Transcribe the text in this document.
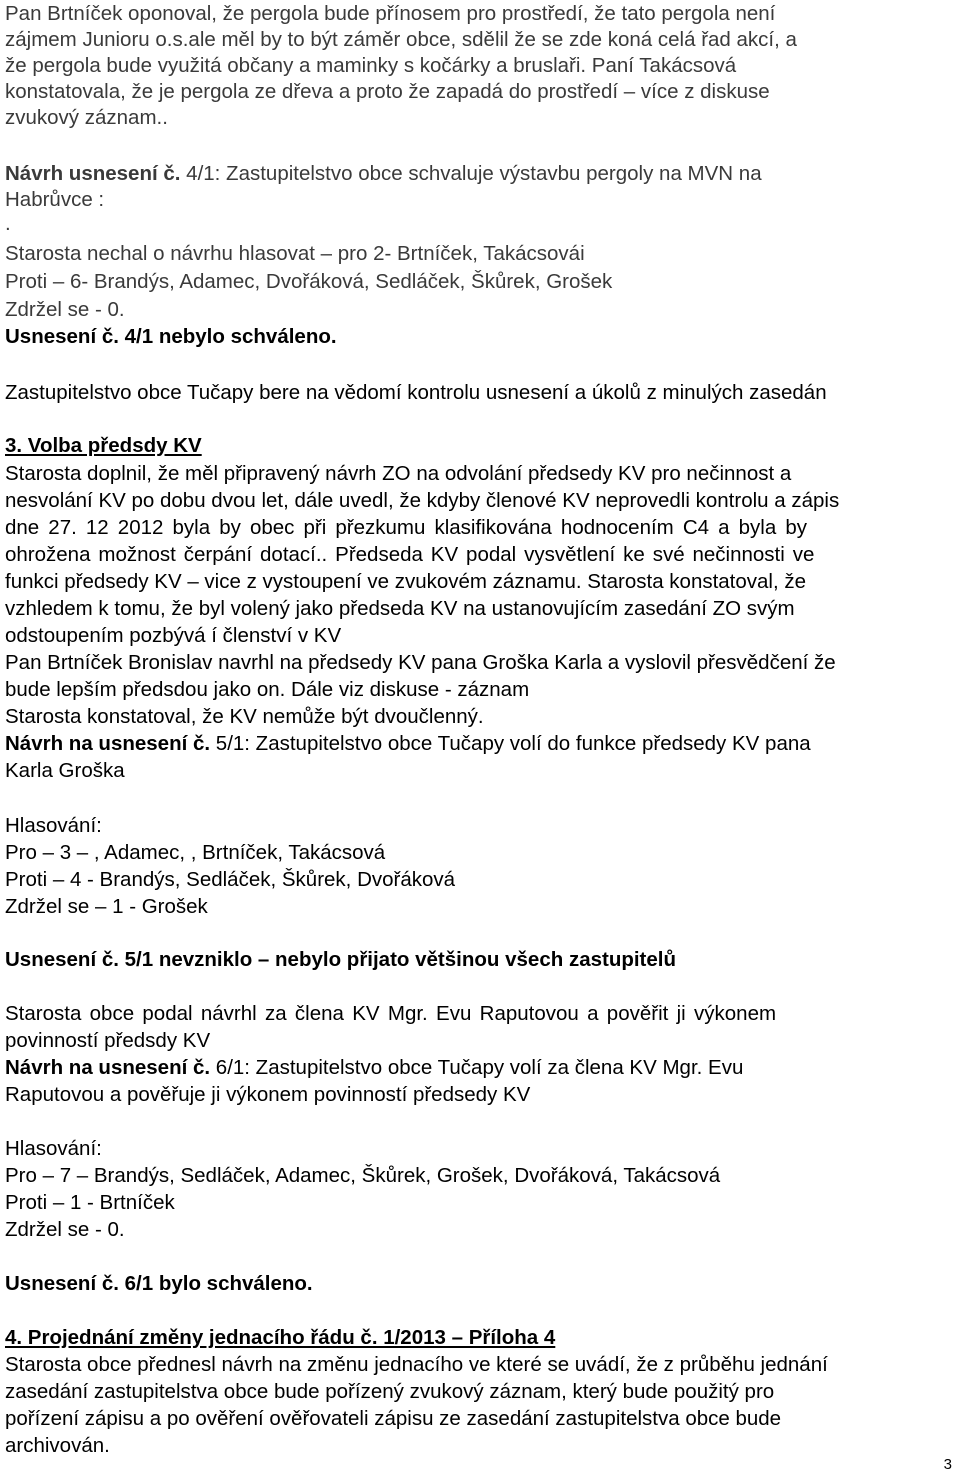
Pan Brtníček oponoval, že pergola bude přínosem pro prostředí, že tato pergola není
zájmem Junioru o.s.ale měl by to být záměr obce, sdělil že se zde koná celá řad akcí, a
že pergola bude využitá občany a maminky s kočárky a bruslaři. Paní Takácsová
konstatovala, že je pergola ze dřeva a proto že zapadá do prostředí – více z diskuse
zvukový záznam..
Návrh usnesení č. 4/1: Zastupitelstvo obce schvaluje výstavbu pergoly na MVN na
Habrůvce :
.
Starosta nechal o návrhu hlasovat – pro 2- Brtníček, Takácsovái
Proti – 6- Brandýs, Adamec, Dvořáková, Sedláček, Škůrek, Grošek
Zdržel se - 0.
Usnesení č. 4/1 nebylo schváleno.
Zastupitelstvo obce Tučapy bere na vědomí kontrolu usnesení a úkolů z minulých zasedán
3. Volba předsdy KV
Starosta doplnil, že měl připravený návrh ZO na odvolání předsedy KV pro nečinnost a
nesvolání KV po dobu dvou let, dále uvedl, že kdyby členové KV neprovedli kontrolu a zápis
dne 27. 12 2012 byla by obec při přezkumu klasifikována hodnocením C4 a byla by
ohrožena možnost čerpání dotací.. Předseda KV podal vysvětlení ke své nečinnosti ve
funkci předsedy KV – vice z vystoupení ve zvukovém záznamu. Starosta konstatoval, že
vzhledem k tomu, že byl volený jako předseda KV na ustanovujícím zasedání ZO svým
odstoupením pozbývá í členství v KV
Pan Brtníček Bronislav navrhl na předsedy KV pana Groška Karla a vyslovil přesvědčení že
bude lepším předsdou jako on. Dále viz diskuse - záznam
Starosta konstatoval, že KV nemůže být dvoučlenný.
Návrh na usnesení č. 5/1: Zastupitelstvo obce Tučapy volí do funkce předsedy KV pana
Karla Groška
Hlasování:
Pro – 3 – , Adamec, , Brtníček, Takácsová
Proti – 4 - Brandýs, Sedláček, Škůrek, Dvořáková
Zdržel se – 1 - Grošek
Usnesení č. 5/1 nevzniklo – nebylo přijato většinou všech zastupitelů
Starosta obce podal návrhl za člena KV Mgr. Evu Raputovou a pověřit ji výkonem
povinností předsdy KV
Návrh na usnesení č. 6/1: Zastupitelstvo obce Tučapy volí za člena KV Mgr. Evu
Raputovou a pověřuje ji výkonem povinností předsedy KV
Hlasování:
Pro – 7 – Brandýs, Sedláček, Adamec, Škůrek, Grošek, Dvořáková, Takácsová
Proti – 1 - Brtníček
Zdržel se - 0.
Usnesení č. 6/1 bylo schváleno.
4. Projednání změny jednacího řádu č. 1/2013 – Příloha 4
Starosta obce přednesl návrh na změnu jednacího ve které se uvádí, že z průběhu jednání
zasedání zastupitelstva obce bude pořízený zvukový záznam, který bude použitý pro
pořízení zápisu a po ověření ověřovateli zápisu ze zasedání zastupitelstva obce bude
archivován.
3
